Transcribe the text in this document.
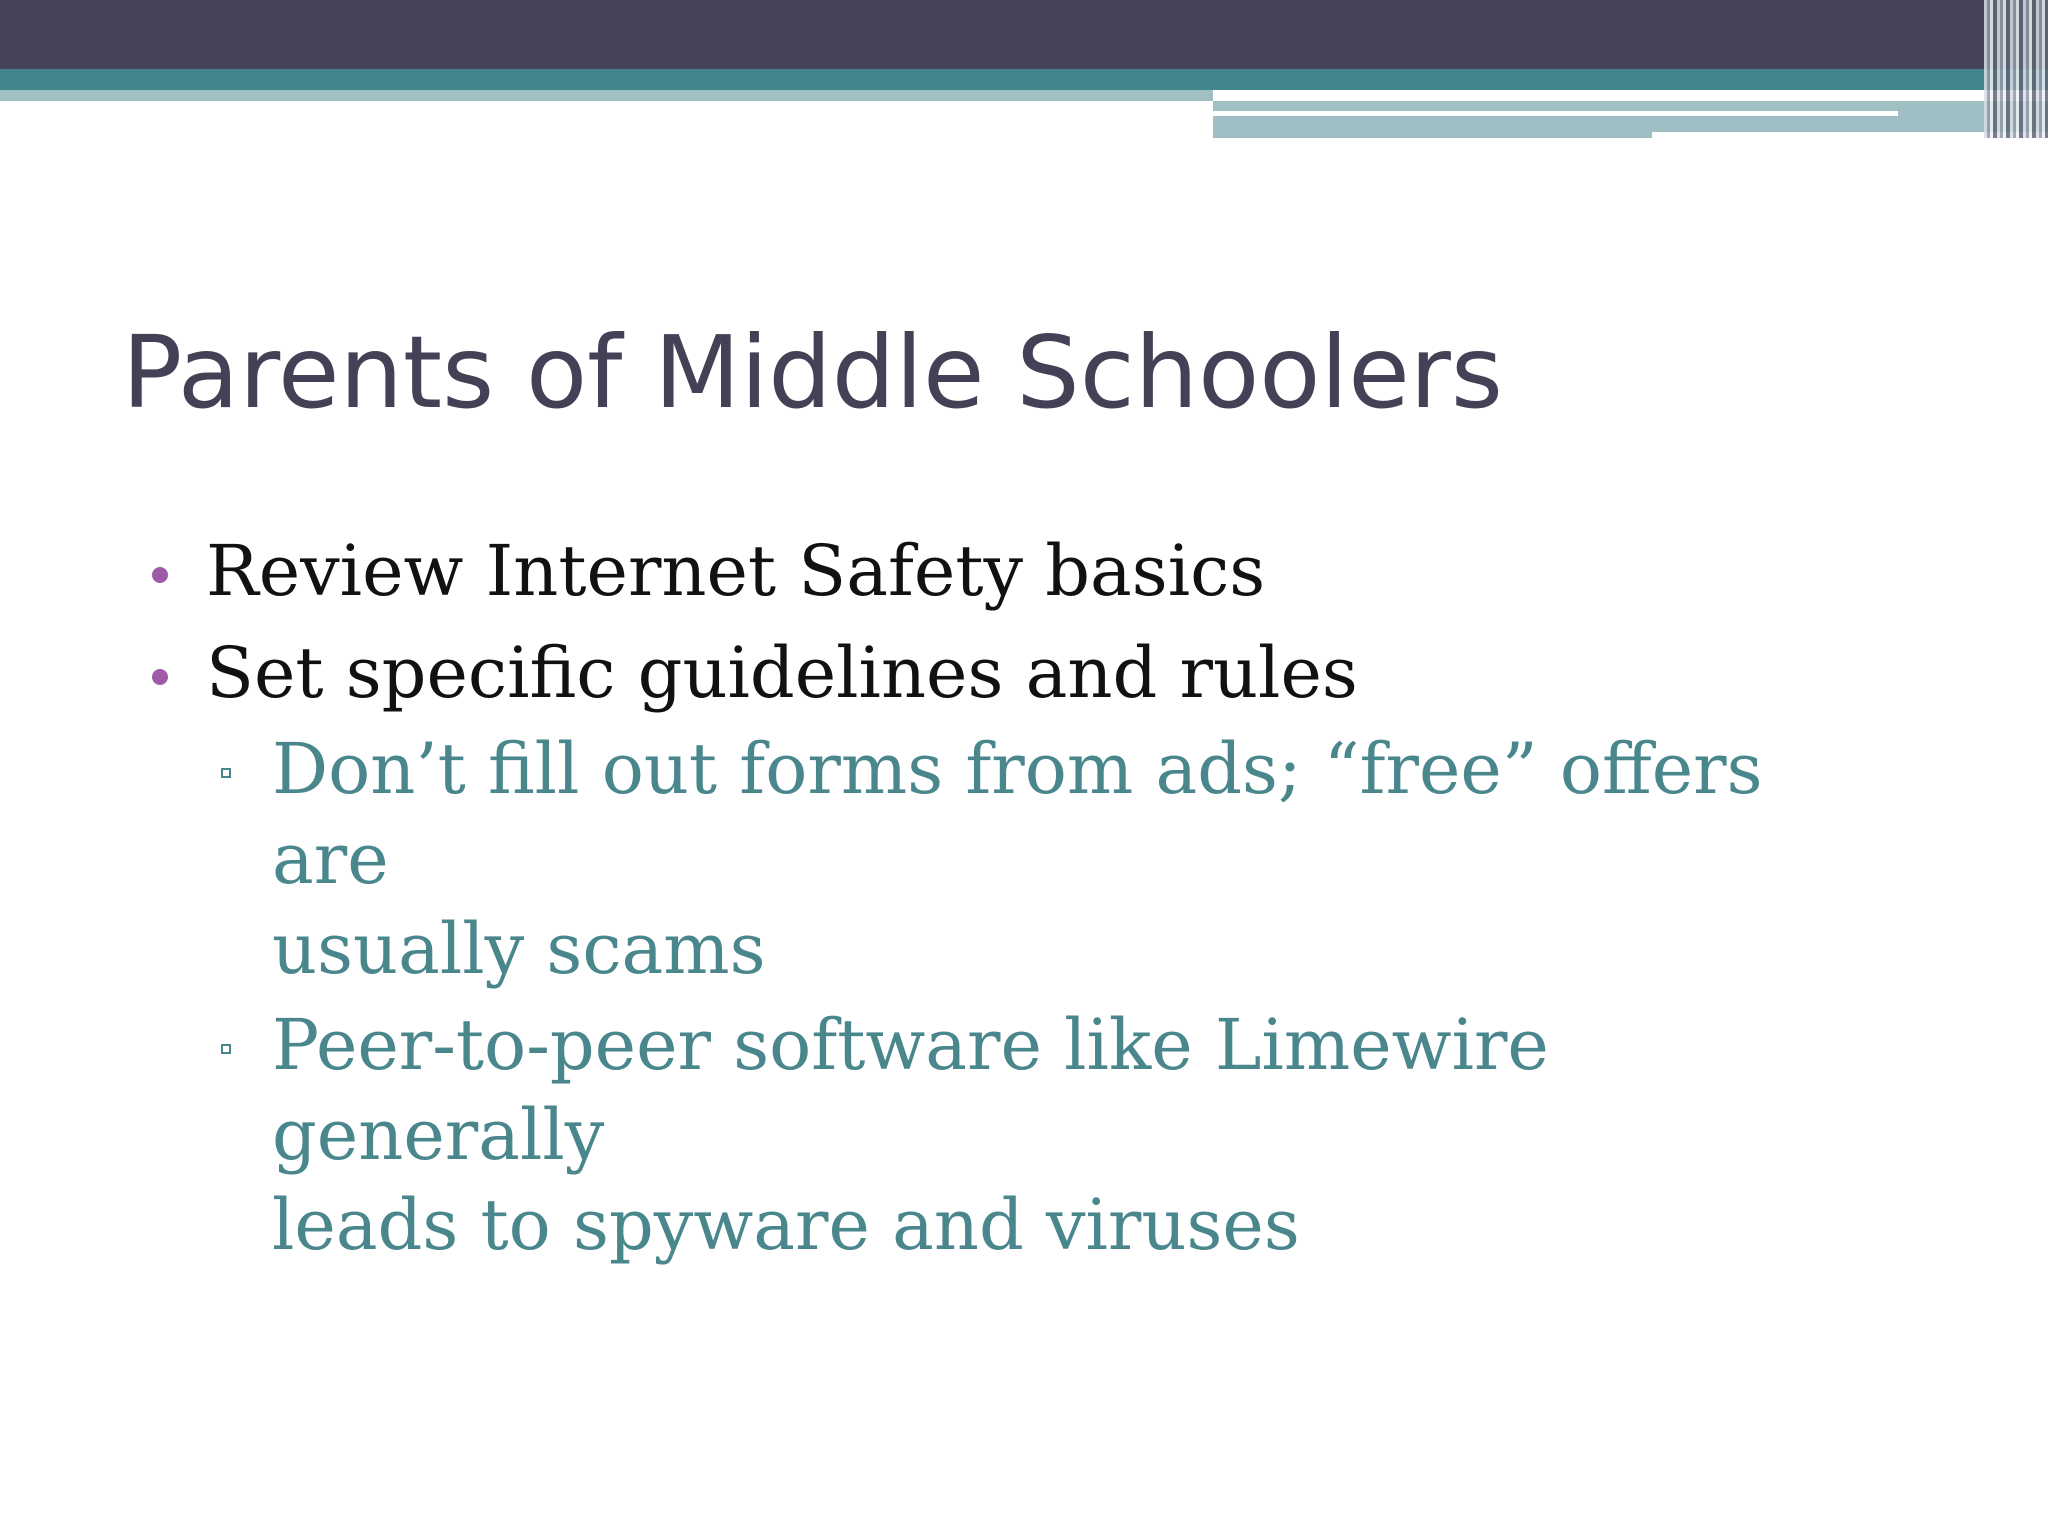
Parents of Middle Schoolers
Review Internet Safety basics
Set specific guidelines and rules
Don’t fill out forms from ads; “free” offers are
usually scams
Peer-to-peer software like Limewire generally
leads to spyware and viruses
